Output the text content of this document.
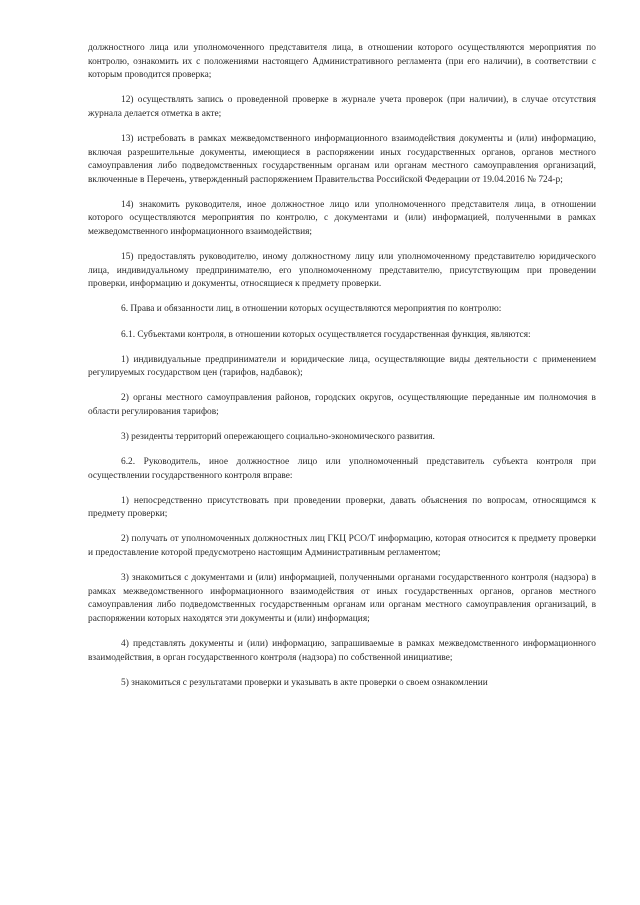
должностного лица или уполномоченного представителя лица, в отношении которого осуществляются мероприятия по контролю, ознакомить их с положениями настоящего Административного регламента (при его наличии), в соответствии с которым проводится проверка;

12) осуществлять запись о проведенной проверке в журнале учета проверок (при наличии), в случае отсутствия журнала делается отметка в акте;

13) истребовать в рамках межведомственного информационного взаимодействия документы и (или) информацию, включая разрешительные документы, имеющиеся в распоряжении иных государственных органов, органов местного самоуправления либо подведомственных государственным органам или органам местного самоуправления организаций, включенные в Перечень, утвержденный распоряжением Правительства Российской Федерации от 19.04.2016 № 724-р;

14) знакомить руководителя, иное должностное лицо или уполномоченного представителя лица, в отношении которого осуществляются мероприятия по контролю, с документами и (или) информацией, полученными в рамках межведомственного информационного взаимодействия;

15) предоставлять руководителю, иному должностному лицу или уполномоченному представителю юридического лица, индивидуальному предпринимателю, его уполномоченному представителю, присутствующим при проведении проверки, информацию и документы, относящиеся к предмету проверки.

6. Права и обязанности лиц, в отношении которых осуществляются мероприятия по контролю:

6.1. Субъектами контроля, в отношении которых осуществляется государственная функция, являются:

1) индивидуальные предприниматели и юридические лица, осуществляющие виды деятельности с применением регулируемых государством цен (тарифов, надбавок);

2) органы местного самоуправления районов, городских округов, осуществляющие переданные им полномочия в области регулирования тарифов;

3) резиденты территорий опережающего социально-экономического развития.

6.2. Руководитель, иное должностное лицо или уполномоченный представитель субъекта контроля при осуществлении государственного контроля вправе:

1) непосредственно присутствовать при проведении проверки, давать объяснения по вопросам, относящимся к предмету проверки;

2) получать от уполномоченных должностных лиц ГКЦ РСО/Т информацию, которая относится к предмету проверки и предоставление которой предусмотрено настоящим Административным регламентом;

3) знакомиться с документами и (или) информацией, полученными органами государственного контроля (надзора) в рамках межведомственного информационного взаимодействия от иных государственных органов, органов местного самоуправления либо подведомственных государственным органам или органам местного самоуправления организаций, в распоряжении которых находятся эти документы и (или) информация;

4) представлять документы и (или) информацию, запрашиваемые в рамках межведомственного информационного взаимодействия, в орган государственного контроля (надзора) по собственной инициативе;

5) знакомиться с результатами проверки и указывать в акте проверки о своем ознакомлении
